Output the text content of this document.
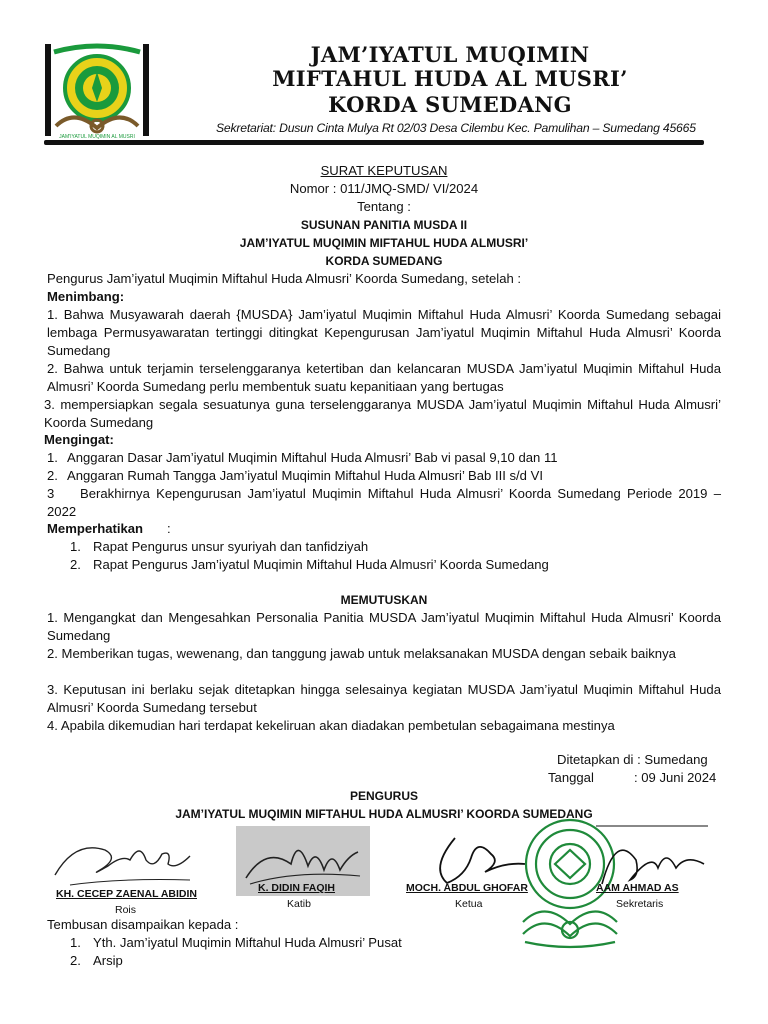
JAM'IYATUL MUQIMIN AL MUSRI
JAM’IYATUL MUQIMIN
MIFTAHUL HUDA AL MUSRI’
KORDA SUMEDANG
Sekretariat: Dusun Cinta Mulya Rt 02/03 Desa Cilembu Kec. Pamulihan – Sumedang 45665
SURAT KEPUTUSAN
Nomor : 011/JMQ-SMD/ VI/2024
Tentang :
SUSUNAN PANITIA MUSDA II
JAM’IYATUL MUQIMIN MIFTAHUL HUDA ALMUSRI’
KORDA SUMEDANG
Pengurus Jam’iyatul Muqimin Miftahul Huda Almusri’ Koorda Sumedang, setelah :
Menimbang:
1. Bahwa Musyawarah daerah {MUSDA} Jam’iyatul Muqimin Miftahul Huda Almusri’ Koorda Sumedang sebagai lembaga Permusyawaratan tertinggi ditingkat Kepengurusan Jam’iyatul Muqimin Miftahul Huda Almusri’ Koorda Sumedang
2. Bahwa untuk terjamin terselenggaranya ketertiban dan kelancaran MUSDA Jam’iyatul Muqimin Miftahul Huda Almusri’ Koorda Sumedang perlu membentuk suatu kepanitiaan yang bertugas
3. mempersiapkan segala sesuatunya guna terselenggaranya MUSDA Jam’iyatul Muqimin Miftahul Huda Almusri’ Koorda Sumedang
Mengingat:
1. Anggaran Dasar Jam’iyatul Muqimin Miftahul Huda Almusri’ Bab vi pasal 9,10 dan 11
2. Anggaran Rumah Tangga Jam’iyatul Muqimin Miftahul Huda Almusri’ Bab III s/d VI
3	Berakhirnya Kepengurusan Jam’iyatul Muqimin Miftahul Huda Almusri’ Koorda Sumedang Periode 2019 – 2022
Memperhatikan :
1. Rapat Pengurus unsur syuriyah dan tanfidziyah
2. Rapat Pengurus Jam’iyatul Muqimin Miftahul Huda Almusri’ Koorda Sumedang
MEMUTUSKAN
1. Mengangkat dan Mengesahkan Personalia Panitia MUSDA Jam’iyatul Muqimin Miftahul Huda Almusri’ Koorda Sumedang
2. Memberikan tugas, wewenang, dan tanggung jawab untuk melaksanakan MUSDA dengan sebaik baiknya
3. Keputusan ini berlaku sejak ditetapkan hingga selesainya kegiatan MUSDA Jam’iyatul Muqimin Miftahul Huda Almusri’ Koorda Sumedang tersebut
4. Apabila dikemudian hari terdapat kekeliruan akan diadakan pembetulan sebagaimana mestinya
Ditetapkan di : Sumedang
Tanggal	: 09 Juni 2024
PENGURUS
JAM’IYATUL MUQIMIN MIFTAHUL HUDA ALMUSRI’ KOORDA SUMEDANG
KH. CECEP ZAENAL ABIDIN
Rois
K. DIDIN FAQIH
Katib
MOCH. ABDUL GHOFAR
Ketua
AAM AHMAD AS
Sekretaris
Tembusan disampaikan kepada :
1. Yth. Jam’iyatul Muqimin Miftahul Huda Almusri’ Pusat
2. Arsip
